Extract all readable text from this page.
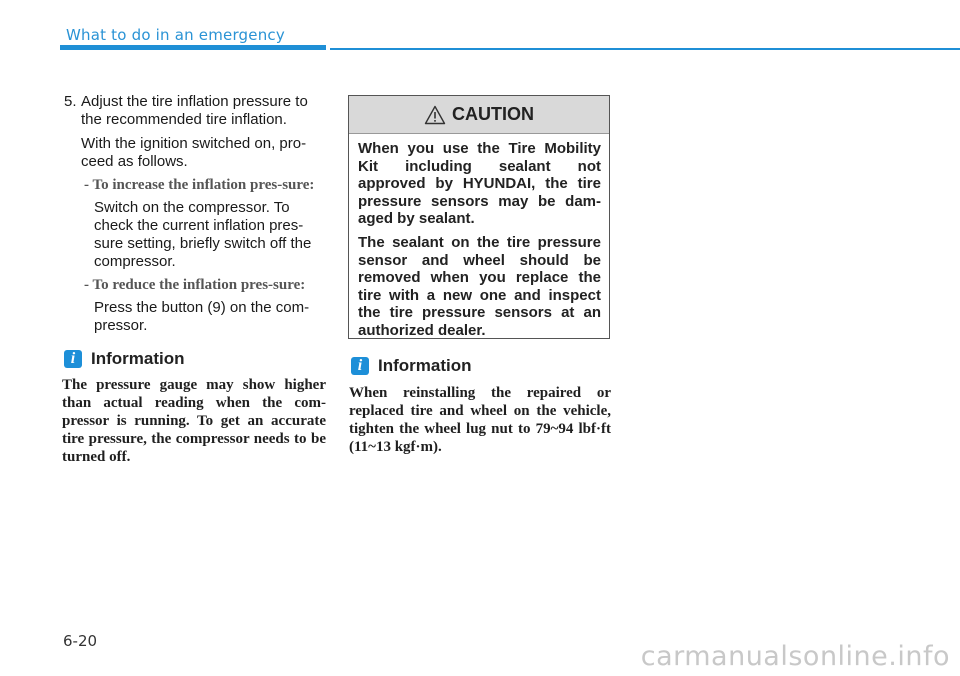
What to do in an emergency
5. Adjust the tire inflation pressure to the recommended tire inflation.
With the ignition switched on, pro-ceed as follows.
- To increase the inflation pres-sure:
Switch on the compressor. To check the current inflation pres-sure setting, briefly switch off the compressor.
- To reduce the inflation pres-sure:
Press the button (9) on the com-pressor.
i Information
The pressure gauge may show higher than actual reading when the com-pressor is running. To get an accurate tire pressure, the compressor needs to be turned off.
CAUTION

When you use the Tire Mobility Kit including sealant not approved by HYUNDAI, the tire pressure sensors may be dam-aged by sealant.

The sealant on the tire pressure sensor and wheel should be removed when you replace the tire with a new one and inspect the tire pressure sensors at an authorized dealer.

i Information
When reinstalling the repaired or replaced tire and wheel on the vehicle, tighten the wheel lug nut to 79~94 lbf·ft (11~13 kgf·m).
6-20	carmanualsonline.info
